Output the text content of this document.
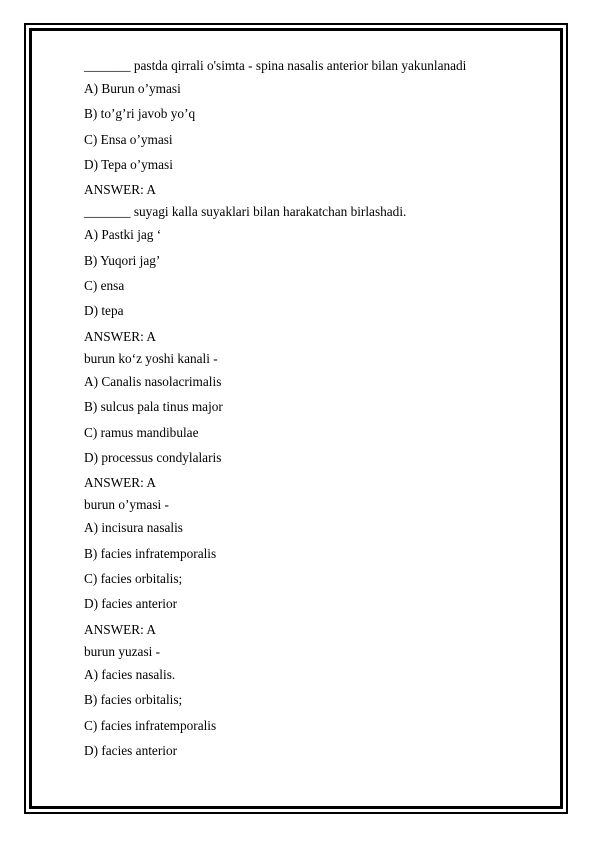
_______ pastda qirrali o'simta - spina nasalis anterior bilan yakunlanadi
A) Burun o’ymasi
B) to’g’ri javob yo’q
C) Ensa o’ymasi
D) Tepa o’ymasi
ANSWER: A
_______ suyagi kalla suyaklari bilan harakatchan birlashadi.
A) Pastki jag ‘
B) Yuqori jag’
C) ensa
D) tepa
ANSWER: A
burun ko‘z yoshi kanali -
A) Canalis nasolacrimalis
B) sulcus pala tinus major
C) ramus mandibulae
D) processus condylalaris
ANSWER: A
burun o’ymasi -
A) incisura nasalis
B) facies infratemporalis
C) facies orbitalis;
D) facies anterior
ANSWER: A
burun yuzasi -
A) facies nasalis.
B) facies orbitalis;
C) facies infratemporalis
D) facies anterior
